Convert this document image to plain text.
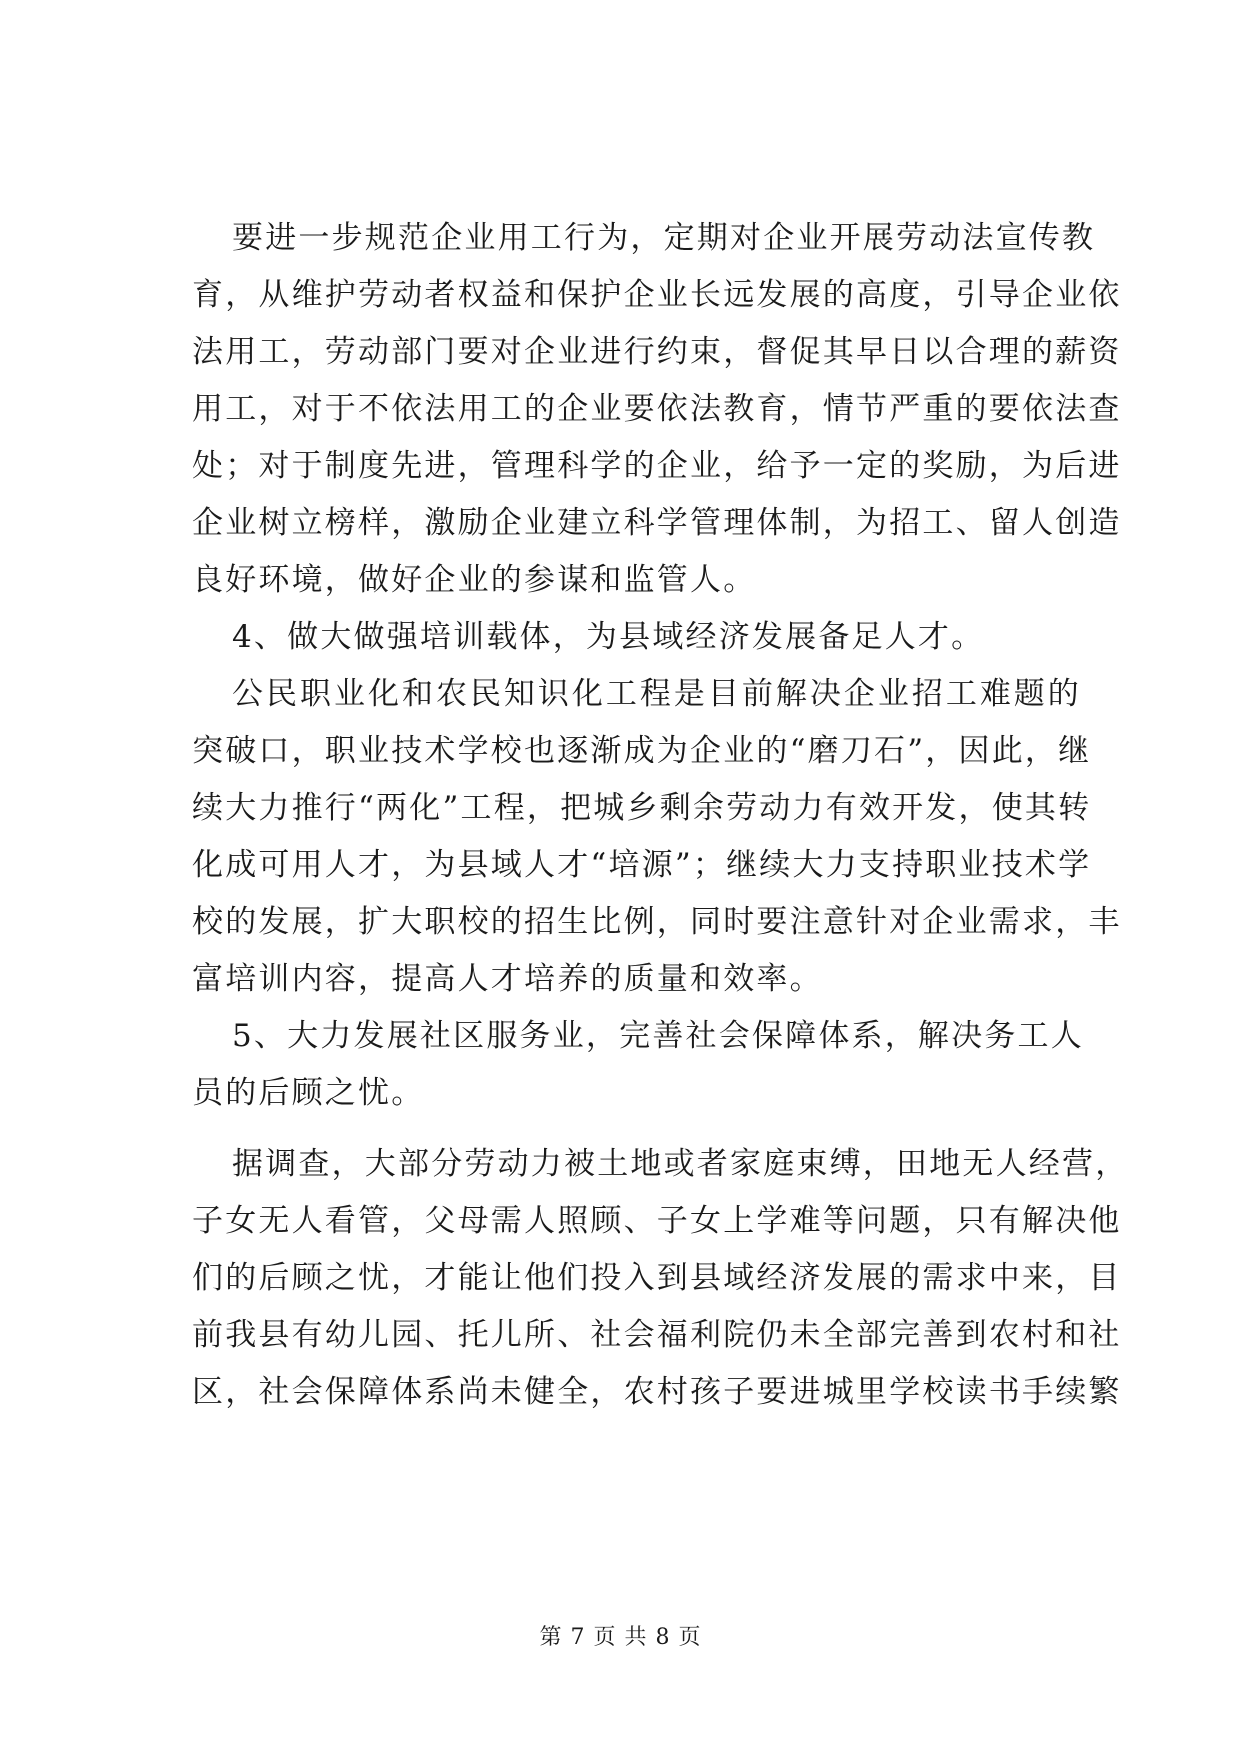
要进一步规范企业用工行为，定期对企业开展劳动法宣传教
育，从维护劳动者权益和保护企业长远发展的高度，引导企业依
法用工，劳动部门要对企业进行约束，督促其早日以合理的薪资
用工，对于不依法用工的企业要依法教育，情节严重的要依法查
处；对于制度先进，管理科学的企业，给予一定的奖励，为后进
企业树立榜样，激励企业建立科学管理体制，为招工、留人创造
良好环境，做好企业的参谋和监管人。
4、做大做强培训载体，为县域经济发展备足人才。
公民职业化和农民知识化工程是目前解决企业招工难题的
突破口，职业技术学校也逐渐成为企业的“磨刀石”，因此，继
续大力推行“两化”工程，把城乡剩余劳动力有效开发，使其转
化成可用人才，为县域人才“培源”；继续大力支持职业技术学
校的发展，扩大职校的招生比例，同时要注意针对企业需求，丰
富培训内容，提高人才培养的质量和效率。
5、大力发展社区服务业，完善社会保障体系，解决务工人
员的后顾之忧。
据调查，大部分劳动力被土地或者家庭束缚，田地无人经营，
子女无人看管，父母需人照顾、子女上学难等问题，只有解决他
们的后顾之忧，才能让他们投入到县域经济发展的需求中来，目
前我县有幼儿园、托儿所、社会福利院仍未全部完善到农村和社
区，社会保障体系尚未健全，农村孩子要进城里学校读书手续繁
第 7 页 共 8 页
